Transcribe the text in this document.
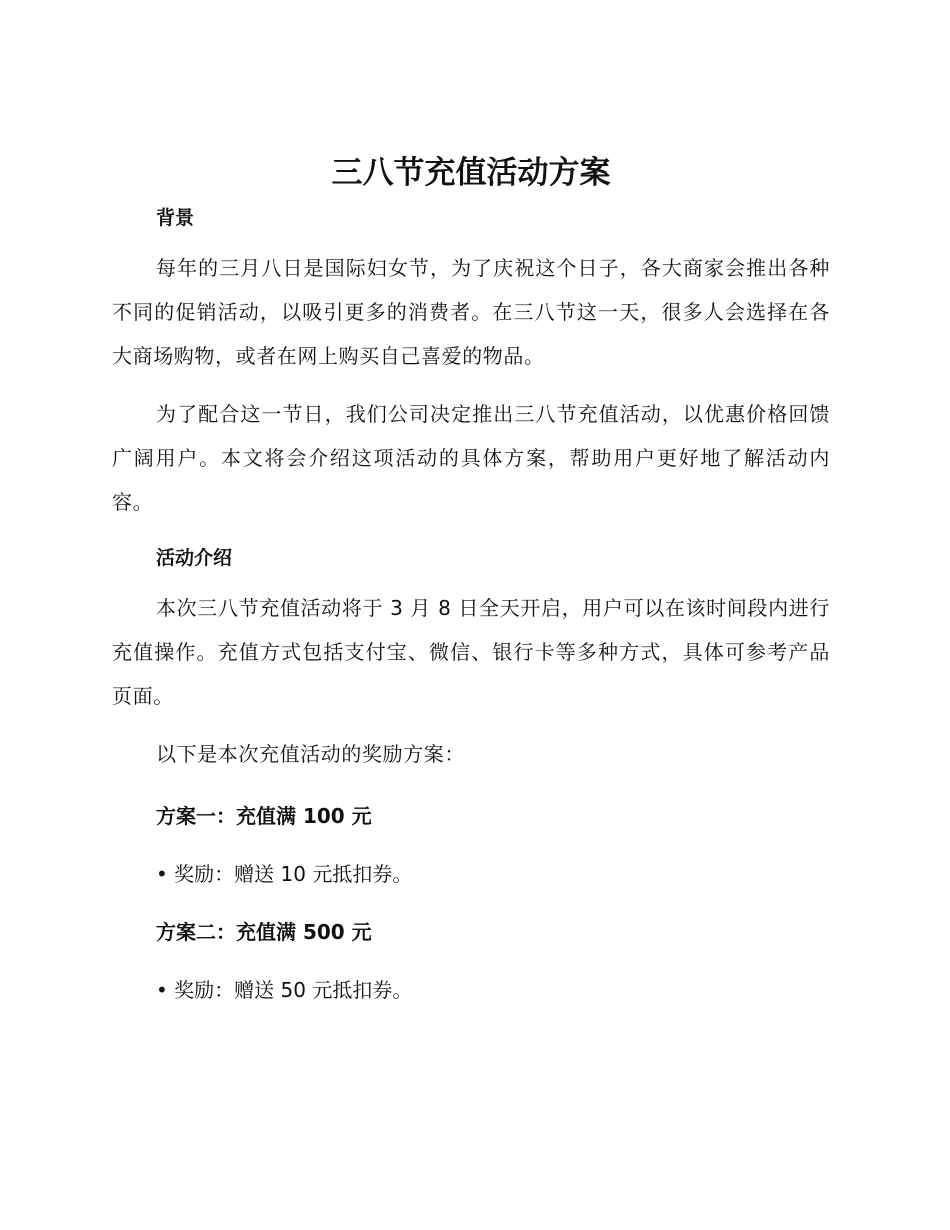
三八节充值活动方案

背景

每年的三月八日是国际妇女节，为了庆祝这个日子，各大商家会推出各种不同的促销活动，以吸引更多的消费者。在三八节这一天，很多人会选择在各大商场购物，或者在网上购买自己喜爱的物品。

为了配合这一节日，我们公司决定推出三八节充值活动，以优惠价格回馈广阔用户。本文将会介绍这项活动的具体方案，帮助用户更好地了解活动内容。

活动介绍

本次三八节充值活动将于 3 月 8 日全天开启，用户可以在该时间段内进行充值操作。充值方式包括支付宝、微信、银行卡等多种方式，具体可参考产品页面。

以下是本次充值活动的奖励方案：

方案一：充值满 100 元

• 奖励：赠送 10 元抵扣券。

方案二：充值满 500 元

• 奖励：赠送 50 元抵扣券。
